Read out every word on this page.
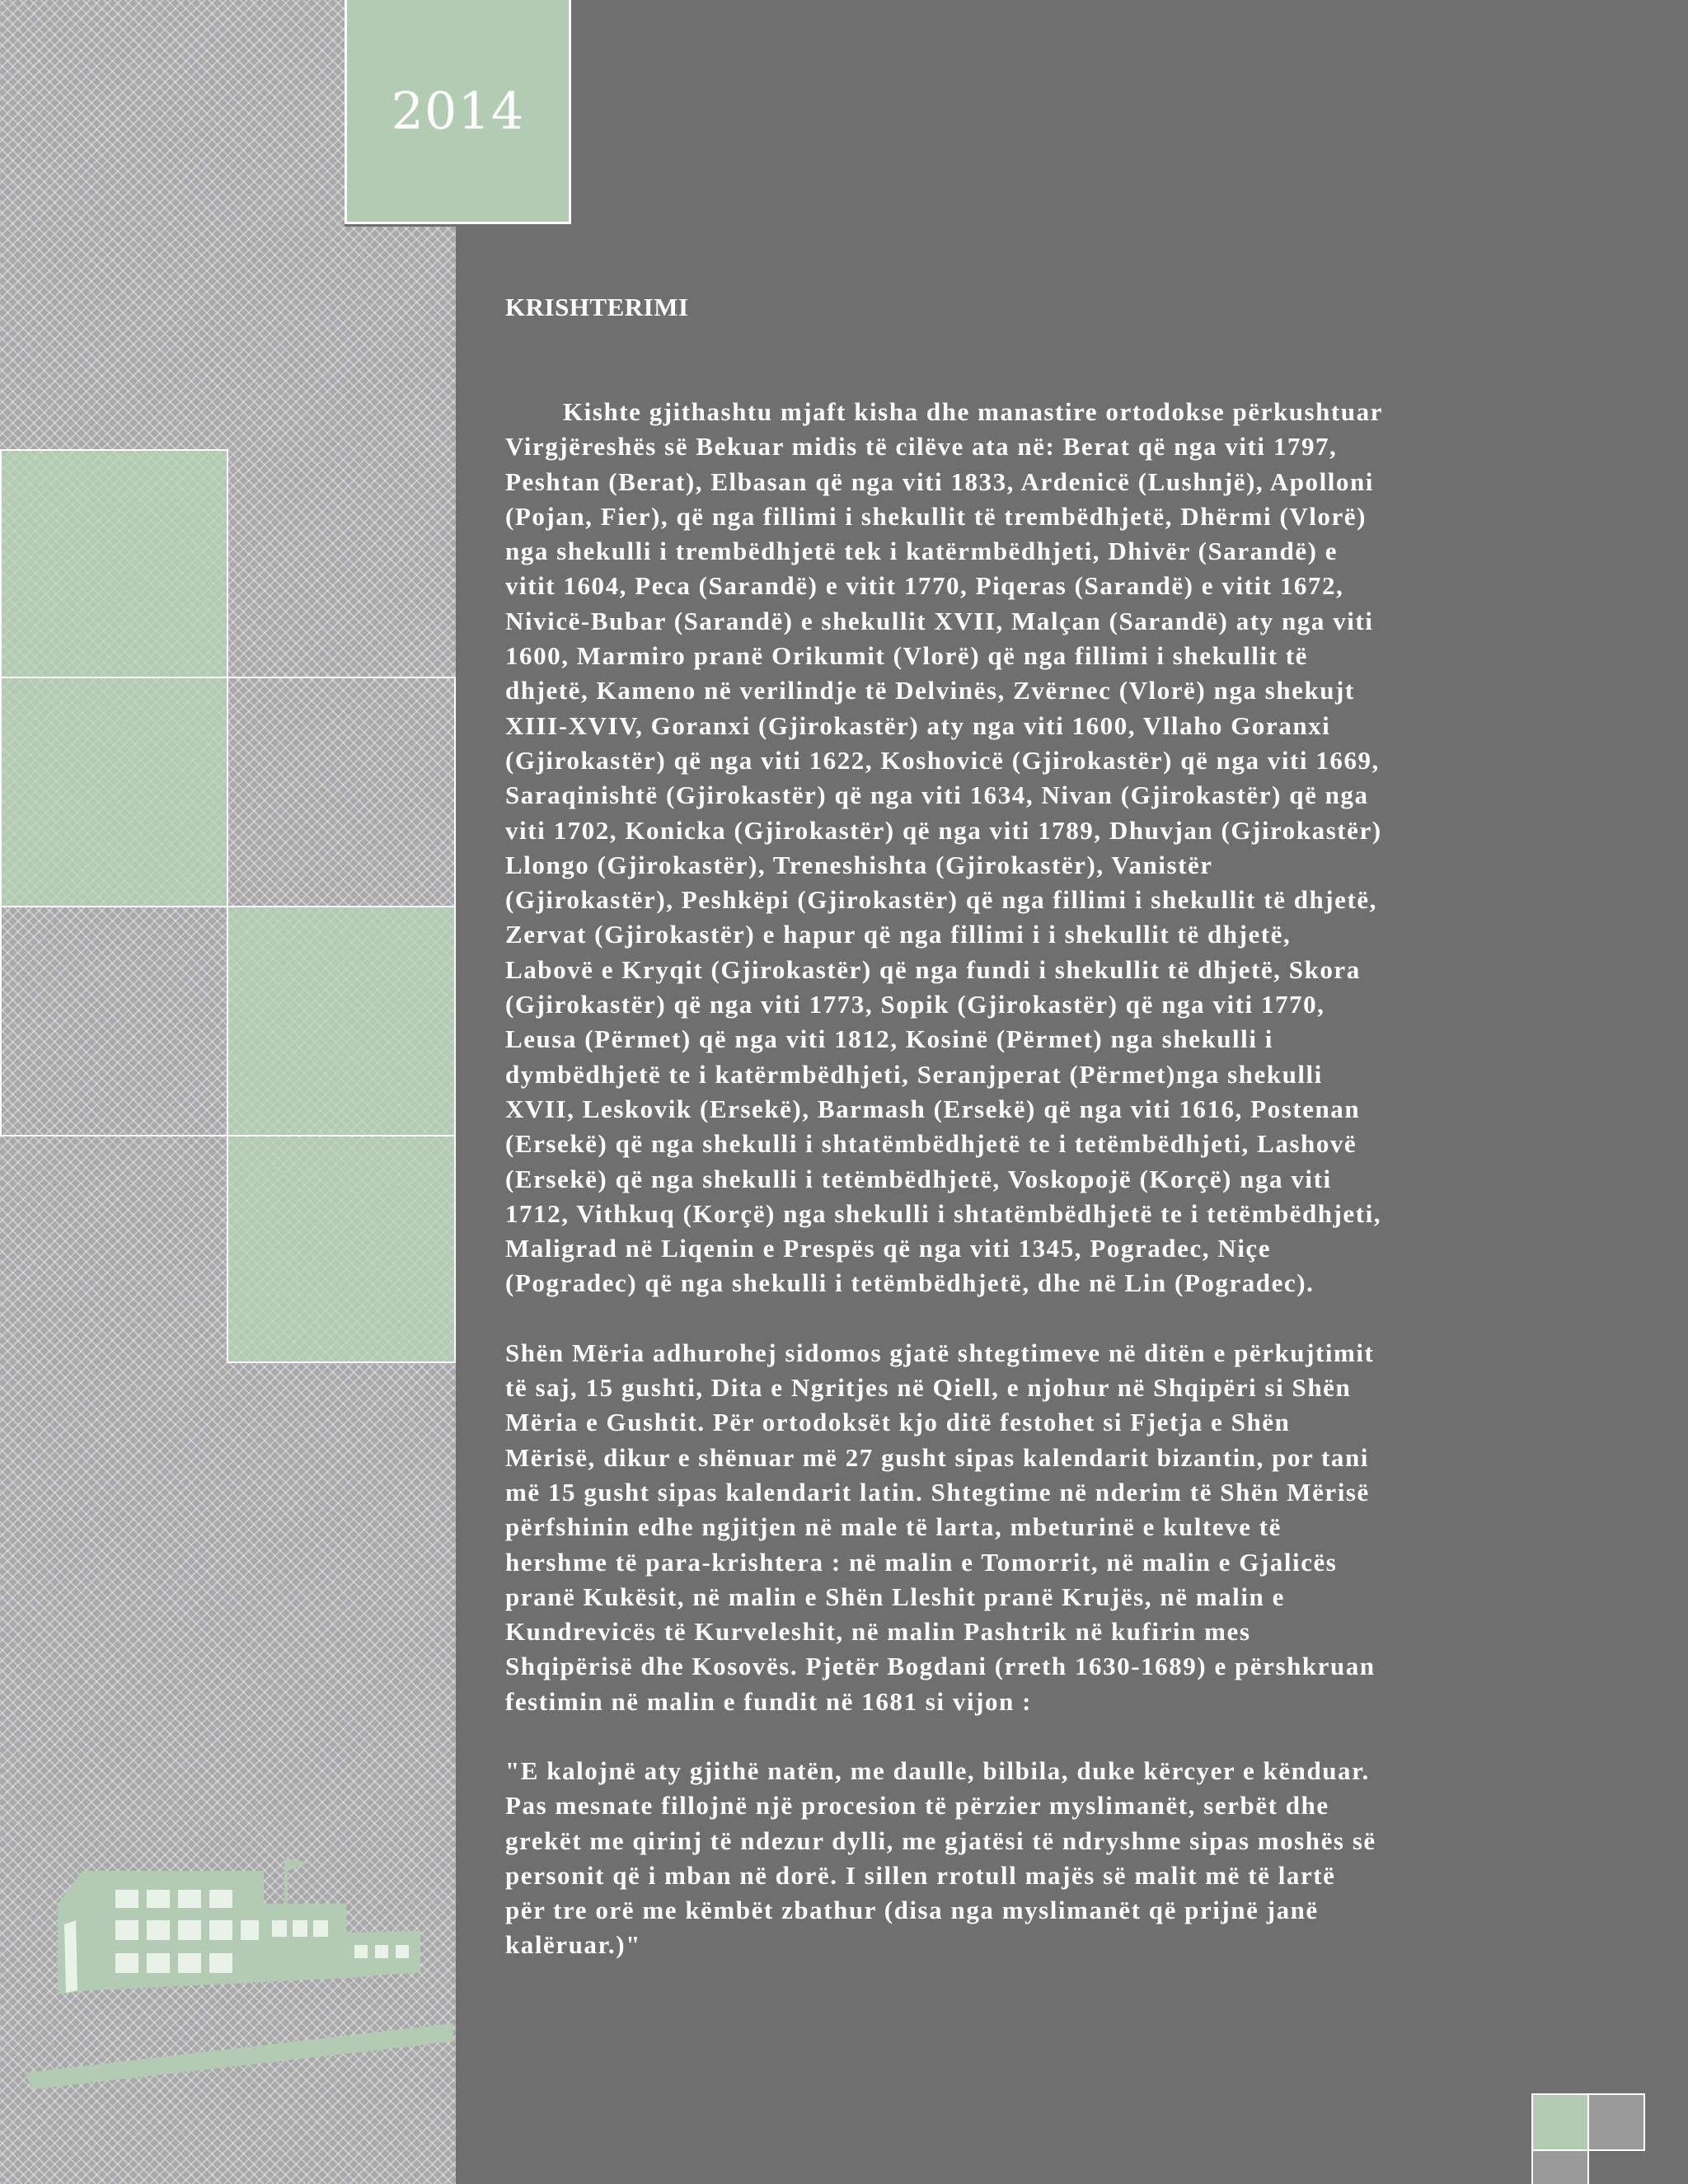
2014
KRISHTERIMI
Kishte gjithashtu mjaft kisha dhe manastire ortodokse përkushtuar
Virgjëreshës së Bekuar midis të cilëve ata në: Berat që nga viti 1797,
Peshtan (Berat), Elbasan që nga viti 1833, Ardenicë (Lushnjë), Apolloni
(Pojan, Fier), që nga fillimi i shekullit të trembëdhjetë, Dhërmi (Vlorë)
nga shekulli i trembëdhjetë tek i katërmbëdhjeti, Dhivër (Sarandë) e
vitit 1604, Peca (Sarandë) e vitit 1770, Piqeras (Sarandë) e vitit 1672,
Nivicë-Bubar (Sarandë) e shekullit XVII, Malçan (Sarandë) aty nga viti
1600, Marmiro pranë Orikumit (Vlorë) që nga fillimi i shekullit të
dhjetë, Kameno në verilindje të Delvinës, Zvërnec (Vlorë) nga shekujt
XIII-XVIV, Goranxi (Gjirokastër) aty nga viti 1600, Vllaho Goranxi
(Gjirokastër) që nga viti 1622, Koshovicë (Gjirokastër) që nga viti 1669,
Saraqinishtë (Gjirokastër) që nga viti 1634, Nivan (Gjirokastër) që nga
viti 1702, Konicka (Gjirokastër) që nga viti 1789, Dhuvjan (Gjirokastër)
Llongo (Gjirokastër), Treneshishta (Gjirokastër), Vanistër
(Gjirokastër), Peshkëpi (Gjirokastër) që nga fillimi i shekullit të dhjetë,
Zervat (Gjirokastër) e hapur që nga fillimi i i shekullit të dhjetë,
Labovë e Kryqit (Gjirokastër) që nga fundi i shekullit të dhjetë, Skora
(Gjirokastër) që nga viti 1773, Sopik (Gjirokastër) që nga viti 1770,
Leusa (Përmet) që nga viti 1812, Kosinë (Përmet) nga shekulli i
dymbëdhjetë te i katërmbëdhjeti, Seranjperat (Përmet)nga shekulli
XVII, Leskovik (Ersekë), Barmash (Ersekë) që nga viti 1616, Postenan
(Ersekë) që nga shekulli i shtatëmbëdhjetë te i tetëmbëdhjeti, Lashovë
(Ersekë) që nga shekulli i tetëmbëdhjetë, Voskopojë (Korçë) nga viti
1712, Vithkuq (Korçë) nga shekulli i shtatëmbëdhjetë te i tetëmbëdhjeti,
Maligrad në Liqenin e Prespës që nga viti 1345, Pogradec, Niçe
(Pogradec) që nga shekulli i tetëmbëdhjetë, dhe në Lin (Pogradec).
Shën Mëria adhurohej sidomos gjatë shtegtimeve në ditën e përkujtimit
të saj, 15 gushti, Dita e Ngritjes në Qiell, e njohur në Shqipëri si Shën
Mëria e Gushtit. Për ortodoksët kjo ditë festohet si Fjetja e Shën
Mërisë, dikur e shënuar më 27 gusht sipas kalendarit bizantin, por tani
më 15 gusht sipas kalendarit latin. Shtegtime në nderim të Shën Mërisë
përfshinin edhe ngjitjen në male të larta, mbeturinë e kulteve të
hershme të para-krishtera : në malin e Tomorrit, në malin e Gjalicës
pranë Kukësit, në malin e Shën Lleshit pranë Krujës, në malin e
Kundrevicës të Kurveleshit, në malin Pashtrik në kufirin mes
Shqipërisë dhe Kosovës. Pjetër Bogdani (rreth 1630-1689) e përshkruan
festimin në malin e fundit në 1681 si vijon :
"E kalojnë aty gjithë natën, me daulle, bilbila, duke kërcyer e kënduar.
Pas mesnate fillojnë një procesion të përzier myslimanët, serbët dhe
grekët me qirinj të ndezur dylli, me gjatësi të ndryshme sipas moshës së
personit që i mban në dorë. I sillen rrotull majës së malit më të lartë
për tre orë me këmbët zbathur (disa nga myslimanët që prijnë janë
kalëruar.)"
